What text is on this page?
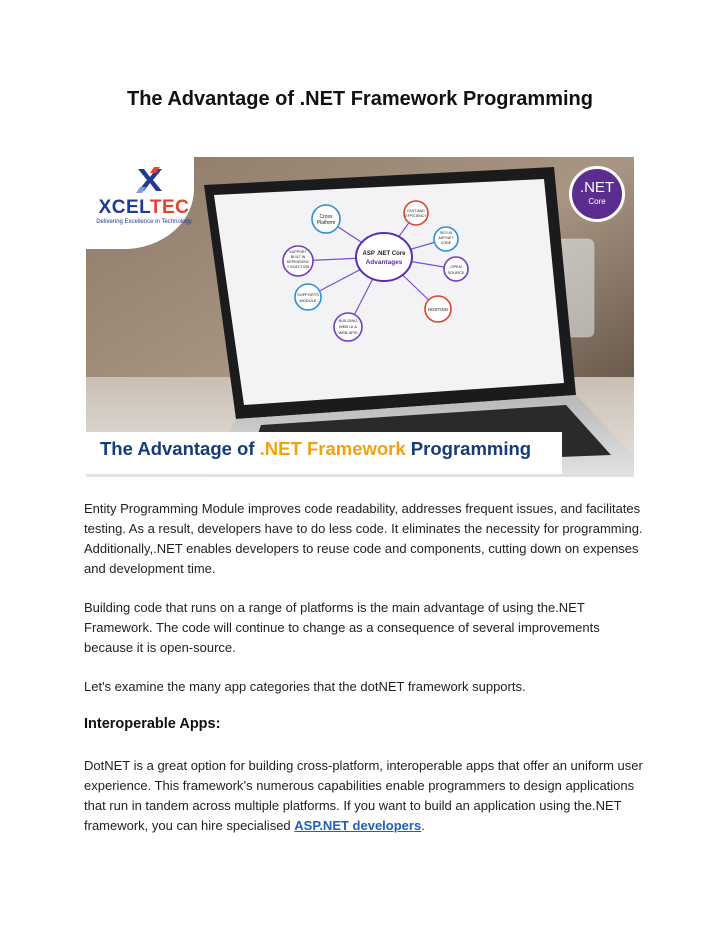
The Advantage of .NET Framework Programming
ASP .NET Core
Advantages
Cross
Platform
FAST AND
EFFICIENCY
SUPPORT
BUILT IN
DEPENDENC
Y INJECTION
SEO IN
ASP.NET
CORE
SUPPORTS
MODULE
OPEN
SOURCE
BUILDING
WEB UI &
WEB APIS
HOSTING
XCELTEC
Delivering Excellence in Technology
.NET
Core
The Advantage of .NET Framework Programming

Entity Programming Module improves code readability, addresses frequent issues, and facilitates testing. As a result, developers have to do less code. It eliminates the necessity for programming. Additionally,.NET enables developers to reuse code and components, cutting down on expenses and development time.

Building code that runs on a range of platforms is the main advantage of using the.NET Framework. The code will continue to change as a consequence of several improvements because it is open-source.

Let's examine the many app categories that the dotNET framework supports.

Interoperable Apps:

DotNET is a great option for building cross-platform, interoperable apps that offer an uniform user experience. This framework’s numerous capabilities enable programmers to design applications that run in tandem across multiple platforms. If you want to build an application using the.NET framework, you can hire specialised ASP.NET developers.
